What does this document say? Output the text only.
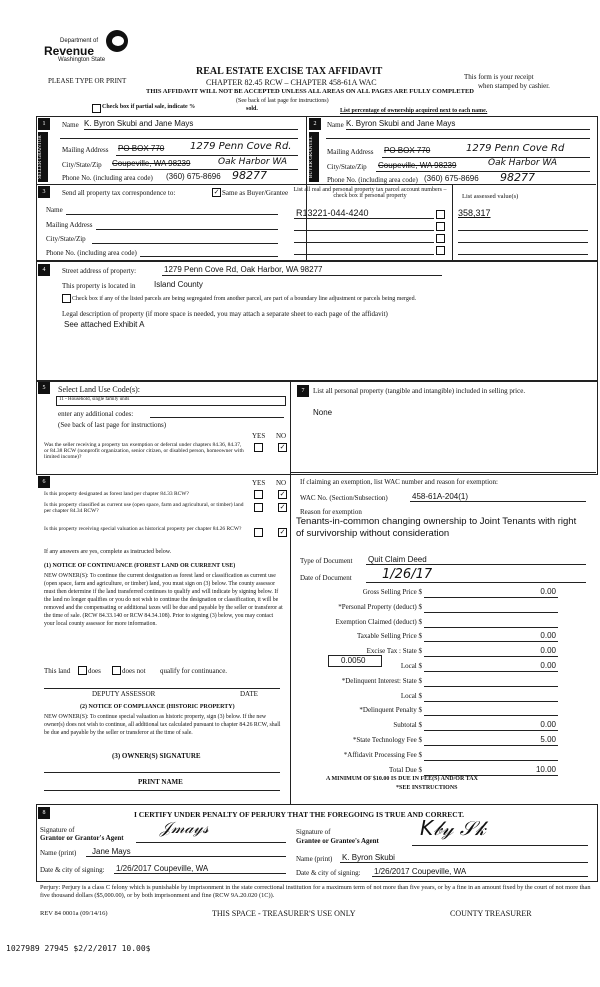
Department of
Revenue
Washington State
REAL ESTATE EXCISE TAX AFFIDAVIT
CHAPTER 82.45 RCW – CHAPTER 458-61A WAC
THIS AFFIDAVIT WILL NOT BE ACCEPTED UNLESS ALL AREAS ON ALL PAGES ARE FULLY COMPLETED
PLEASE TYPE OR PRINT	This form is your receipt
when stamped by cashier.
(See back of last page for instructions)
Check box if partial sale, indicate %	sold.	List percentage of ownership acquired next to each name.
1
SELLER GRANTOR
Name K. Byron Skubi and Jane Mays
Mailing Address PO BOX 770	1279 Penn Cove Rd.
City/State/Zip Coupeville, WA 98239	Oak Harbor WA
Phone No. (including area code) (360) 675-8696 98277
2
BUYER GRANTEE
Name K. Byron Skubi and Jane Mays
Mailing Address PO BOX 770	1279 Penn Cove Rd
City/State/Zip Coupeville, WA 98239	Oak Harbor WA
Phone No. (including area code) (360) 675-8696 98277
3	Send all property tax correspondence to:	✓ Same as Buyer/Grantee
Name
Mailing Address
City/State/Zip
Phone No. (including area code)
List all real and personal property tax parcel account numbers – check box if personal property	List assessed value(s)
R13221-044-4240	358,317
4	Street address of property:	1279 Penn Cove Rd, Oak Harbor, WA 98277
This property is located in Island County
Check box if any of the listed parcels are being segregated from another parcel, are part of a boundary line adjustment or parcels being merged.
Legal description of property (if more space is needed, you may attach a separate sheet to each page of the affidavit)
See attached Exhibit A
5	Select Land Use Code(s):
11 - Household, single family units
enter any additional codes:
(See back of last page for instructions)
YES NO
Was the seller receiving a property tax exemption or deferral under chapters 84.36, 84.37, or 84.38 RCW (nonprofit organization, senior citizen, or disabled person, homeowner with limited income)?
✓
7	List all personal property (tangible and intangible) included in selling price.
None
6	YES NO
Is this property designated as forest land per chapter 84.33 RCW?	✓
Is this property classified as current use (open space, farm and agricultural, or timber) land per chapter 84.34 RCW?	✓
Is this property receiving special valuation as historical property per chapter 84.26 RCW?	✓
If any answers are yes, complete as instructed below.
(1) NOTICE OF CONTINUANCE (FOREST LAND OR CURRENT USE)
NEW OWNER(S): To continue the current designation as forest land or classification as current use (open space, farm and agriculture, or timber) land, you must sign on (3) below. The county assessor must then determine if the land transferred continues to qualify and will indicate by signing below. If the land no longer qualifies or you do not wish to continue the designation or classification, it will be removed and the compensating or additional taxes will be due and payable by the seller or transferor at the time of sale. (RCW 84.33.140 or RCW 84.34.108). Prior to signing (3) below, you may contact your local county assessor for more information.
This land	does	does not qualify for continuance.
DEPUTY ASSESSOR	DATE
(2) NOTICE OF COMPLIANCE (HISTORIC PROPERTY)
NEW OWNER(S): To continue special valuation as historic property, sign (3) below. If the new owner(s) does not wish to continue, all additional tax calculated pursuant to chapter 84.26 RCW, shall be due and payable by the seller or transferor at the time of sale.
(3) OWNER(S) SIGNATURE
PRINT NAME
If claiming an exemption, list WAC number and reason for exemption:
WAC No. (Section/Subsection)	458-61A-204(1)
Reason for exemption
Tenants-in-common changing ownership to Joint Tenants with right of survivorship without consideration
Type of Document Quit Claim Deed
Date of Document 1/26/17
Gross Selling Price $	0.00
*Personal Property (deduct) $
Exemption Claimed (deduct) $
Taxable Selling Price $	0.00
Excise Tax : State $	0.00
Local $	0.00
*Delinquent Interest: State $
Local $
*Delinquent Penalty $
Subtotal $	0.00
*State Technology Fee $	5.00
*Affidavit Processing Fee $
Total Due $	10.00
0.0050
A MINIMUM OF $10.00 IS DUE IN FEE(S) AND/OR TAX
*SEE INSTRUCTIONS
8	I CERTIFY UNDER PENALTY OF PERJURY THAT THE FOREGOING IS TRUE AND CORRECT.
Signature of
Grantor or Grantor's Agent
𝒥𝓂𝒶𝓎𝓈
Name (print) Jane Mays
Date & city of signing: 1/26/2017 Coupeville, WA
Signature of
Grantee or Grantee's Agent
K𝒷𝓎 𝒮𝓀
Name (print) K. Byron Skubi
Date & city of signing: 1/26/2017 Coupeville, WA
Perjury: Perjury is a class C felony which is punishable by imprisonment in the state correctional institution for a maximum term of not more than five years, or by a fine in an amount fixed by the court of not more than five thousand dollars ($5,000.00), or by both imprisonment and fine (RCW 9A.20.020 (1C)).
REV 84 0001a (09/14/16)	THIS SPACE - TREASURER'S USE ONLY	COUNTY TREASURER
1027989 27945 $2/2/2017 10.00$
